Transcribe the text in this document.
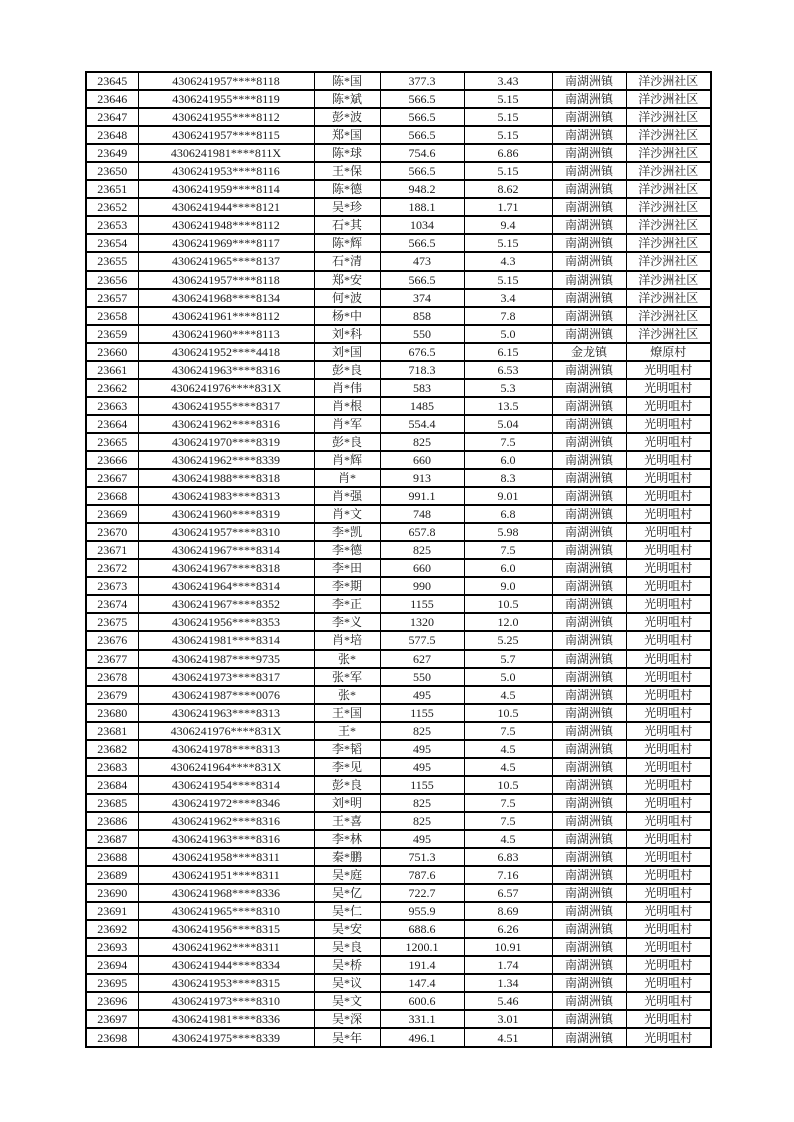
23645	4306241957****8118	陈*国	377.3	3.43	南湖洲镇	洋沙洲社区
23646	4306241955****8119	陈*斌	566.5	5.15	南湖洲镇	洋沙洲社区
23647	4306241955****8112	彭*波	566.5	5.15	南湖洲镇	洋沙洲社区
23648	4306241957****8115	郑*国	566.5	5.15	南湖洲镇	洋沙洲社区
23649	4306241981****811X	陈*球	754.6	6.86	南湖洲镇	洋沙洲社区
23650	4306241953****8116	王*保	566.5	5.15	南湖洲镇	洋沙洲社区
23651	4306241959****8114	陈*德	948.2	8.62	南湖洲镇	洋沙洲社区
23652	4306241944****8121	吴*珍	188.1	1.71	南湖洲镇	洋沙洲社区
23653	4306241948****8112	石*其	1034	9.4	南湖洲镇	洋沙洲社区
23654	4306241969****8117	陈*辉	566.5	5.15	南湖洲镇	洋沙洲社区
23655	4306241965****8137	石*清	473	4.3	南湖洲镇	洋沙洲社区
23656	4306241957****8118	郑*安	566.5	5.15	南湖洲镇	洋沙洲社区
23657	4306241968****8134	何*波	374	3.4	南湖洲镇	洋沙洲社区
23658	4306241961****8112	杨*中	858	7.8	南湖洲镇	洋沙洲社区
23659	4306241960****8113	刘*科	550	5.0	南湖洲镇	洋沙洲社区
23660	4306241952****4418	刘*国	676.5	6.15	金龙镇	燎原村
23661	4306241963****8316	彭*良	718.3	6.53	南湖洲镇	光明咀村
23662	4306241976****831X	肖*伟	583	5.3	南湖洲镇	光明咀村
23663	4306241955****8317	肖*根	1485	13.5	南湖洲镇	光明咀村
23664	4306241962****8316	肖*军	554.4	5.04	南湖洲镇	光明咀村
23665	4306241970****8319	彭*良	825	7.5	南湖洲镇	光明咀村
23666	4306241962****8339	肖*辉	660	6.0	南湖洲镇	光明咀村
23667	4306241988****8318	肖*	913	8.3	南湖洲镇	光明咀村
23668	4306241983****8313	肖*强	991.1	9.01	南湖洲镇	光明咀村
23669	4306241960****8319	肖*文	748	6.8	南湖洲镇	光明咀村
23670	4306241957****8310	李*凯	657.8	5.98	南湖洲镇	光明咀村
23671	4306241967****8314	李*德	825	7.5	南湖洲镇	光明咀村
23672	4306241967****8318	李*田	660	6.0	南湖洲镇	光明咀村
23673	4306241964****8314	李*期	990	9.0	南湖洲镇	光明咀村
23674	4306241967****8352	李*正	1155	10.5	南湖洲镇	光明咀村
23675	4306241956****8353	李*义	1320	12.0	南湖洲镇	光明咀村
23676	4306241981****8314	肖*培	577.5	5.25	南湖洲镇	光明咀村
23677	4306241987****9735	张*	627	5.7	南湖洲镇	光明咀村
23678	4306241973****8317	张*军	550	5.0	南湖洲镇	光明咀村
23679	4306241987****0076	张*	495	4.5	南湖洲镇	光明咀村
23680	4306241963****8313	王*国	1155	10.5	南湖洲镇	光明咀村
23681	4306241976****831X	王*	825	7.5	南湖洲镇	光明咀村
23682	4306241978****8313	李*韬	495	4.5	南湖洲镇	光明咀村
23683	4306241964****831X	李*见	495	4.5	南湖洲镇	光明咀村
23684	4306241954****8314	彭*良	1155	10.5	南湖洲镇	光明咀村
23685	4306241972****8346	刘*明	825	7.5	南湖洲镇	光明咀村
23686	4306241962****8316	王*喜	825	7.5	南湖洲镇	光明咀村
23687	4306241963****8316	李*林	495	4.5	南湖洲镇	光明咀村
23688	4306241958****8311	秦*鹏	751.3	6.83	南湖洲镇	光明咀村
23689	4306241951****8311	吴*庭	787.6	7.16	南湖洲镇	光明咀村
23690	4306241968****8336	吴*亿	722.7	6.57	南湖洲镇	光明咀村
23691	4306241965****8310	吴*仁	955.9	8.69	南湖洲镇	光明咀村
23692	4306241956****8315	吴*安	688.6	6.26	南湖洲镇	光明咀村
23693	4306241962****8311	吴*良	1200.1	10.91	南湖洲镇	光明咀村
23694	4306241944****8334	吴*桥	191.4	1.74	南湖洲镇	光明咀村
23695	4306241953****8315	吴*议	147.4	1.34	南湖洲镇	光明咀村
23696	4306241973****8310	吴*文	600.6	5.46	南湖洲镇	光明咀村
23697	4306241981****8336	吴*深	331.1	3.01	南湖洲镇	光明咀村
23698	4306241975****8339	吴*年	496.1	4.51	南湖洲镇	光明咀村
